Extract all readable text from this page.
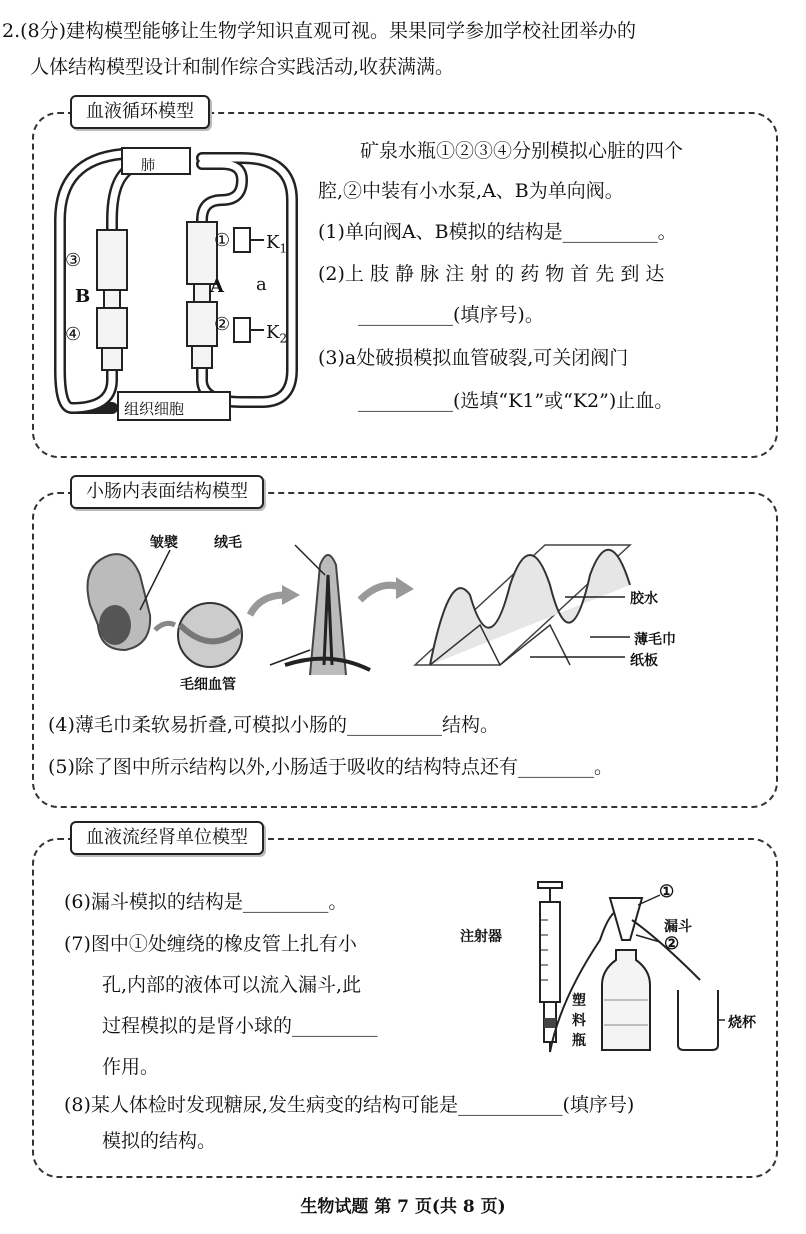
2.(8分)建构模型能够让生物学知识直观可视。果果同学参加学校社团举办的
人体结构模型设计和制作综合实践活动,收获满满。
血液循环模型
肺
组织细胞
③
B
④
①
A
②
a
$K_1$
$K_2$
矿泉水瓶①②③④分别模拟心脏的四个
腔,②中装有小水泵,A、B为单向阀。
(1)单向阀A、B模拟的结构是__________。
(2)上 肢 静 脉 注 射 的 药 物 首 先 到 达
__________(填序号)。
(3)a处破损模拟血管破裂,可关闭阀门
__________(选填“K1”或“K2”)止血。
小肠内表面结构模型
皱襞	绒毛
毛细血管
胶水
薄毛巾
纸板
(4)薄毛巾柔软易折叠,可模拟小肠的__________结构。
(5)除了图中所示结构以外,小肠适于吸收的结构特点还有________。
血液流经肾单位模型
注射器
①
漏斗
②
塑
料
瓶
烧杯
(6)漏斗模拟的结构是_________。
(7)图中①处缠绕的橡皮管上扎有小
孔,内部的液体可以流入漏斗,此
过程模拟的是肾小球的_________
作用。
(8)某人体检时发现糖尿,发生病变的结构可能是___________(填序号)
模拟的结构。
生物试题 第 7 页(共 8 页)
